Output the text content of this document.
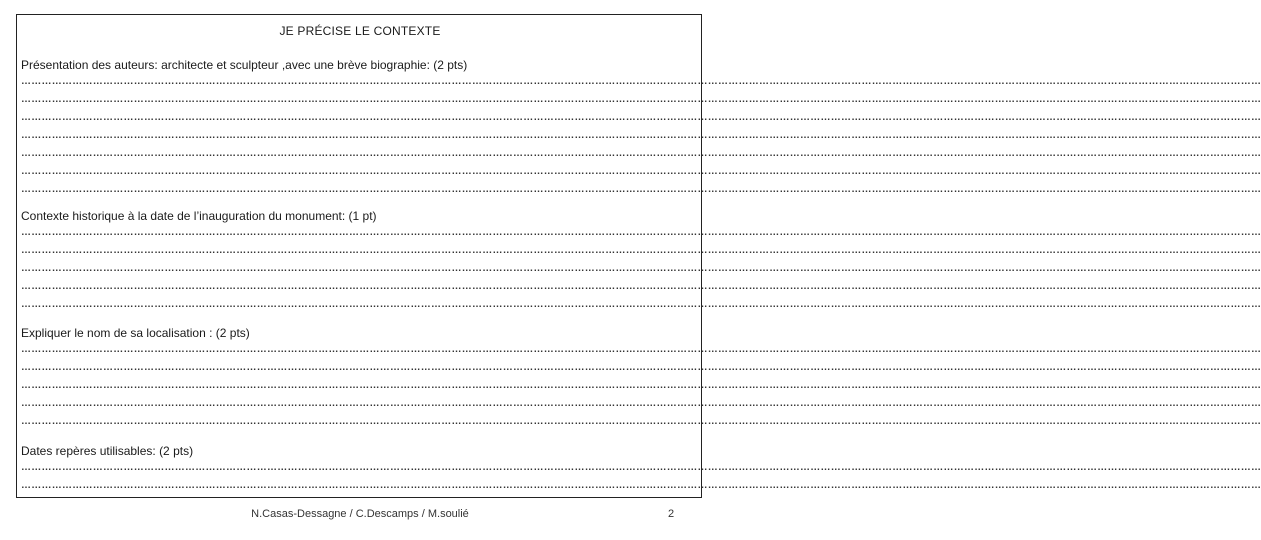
JE PRÉCISE LE CONTEXTE
Présentation des auteurs: architecte et sculpteur ,avec une brève biographie: (2 pts)
…………………………………………………………………………………………………………………………………………………………………………………………………………………………………………………………………………………………………………………………………
…………………………………………………………………………………………………………………………………………………………………………………………………………………………………………………………………………………………………………………………………
…………………………………………………………………………………………………………………………………………………………………………………………………………………………………………………………………………………………………………………………………
…………………………………………………………………………………………………………………………………………………………………………………………………………………………………………………………………………………………………………………………………
…………………………………………………………………………………………………………………………………………………………………………………………………………………………………………………………………………………………………………………………………
…………………………………………………………………………………………………………………………………………………………………………………………………………………………………………………………………………………………………………………………………
…………………………………………………………………………………………………………………………………………………………………………………………………………………………………………………………………………………………………………………………………
Contexte historique à la date de l’inauguration du monument: (1 pt)
…………………………………………………………………………………………………………………………………………………………………………………………………………………………………………………………………………………………………………………………………
…………………………………………………………………………………………………………………………………………………………………………………………………………………………………………………………………………………………………………………………………
…………………………………………………………………………………………………………………………………………………………………………………………………………………………………………………………………………………………………………………………………
…………………………………………………………………………………………………………………………………………………………………………………………………………………………………………………………………………………………………………………………………
…………………………………………………………………………………………………………………………………………………………………………………………………………………………………………………………………………………………………………………………………
Expliquer le nom de sa localisation : (2 pts)
…………………………………………………………………………………………………………………………………………………………………………………………………………………………………………………………………………………………………………………………………
…………………………………………………………………………………………………………………………………………………………………………………………………………………………………………………………………………………………………………………………………
…………………………………………………………………………………………………………………………………………………………………………………………………………………………………………………………………………………………………………………………………
…………………………………………………………………………………………………………………………………………………………………………………………………………………………………………………………………………………………………………………………………
…………………………………………………………………………………………………………………………………………………………………………………………………………………………………………………………………………………………………………………………………
Dates repères utilisables: (2 pts)
…………………………………………………………………………………………………………………………………………………………………………………………………………………………………………………………………………………………………………………………………
…………………………………………………………………………………………………………………………………………………………………………………………………………………………………………………………………………………………………………………………………
N.Casas-Dessagne / C.Descamps / M.soulié	2
